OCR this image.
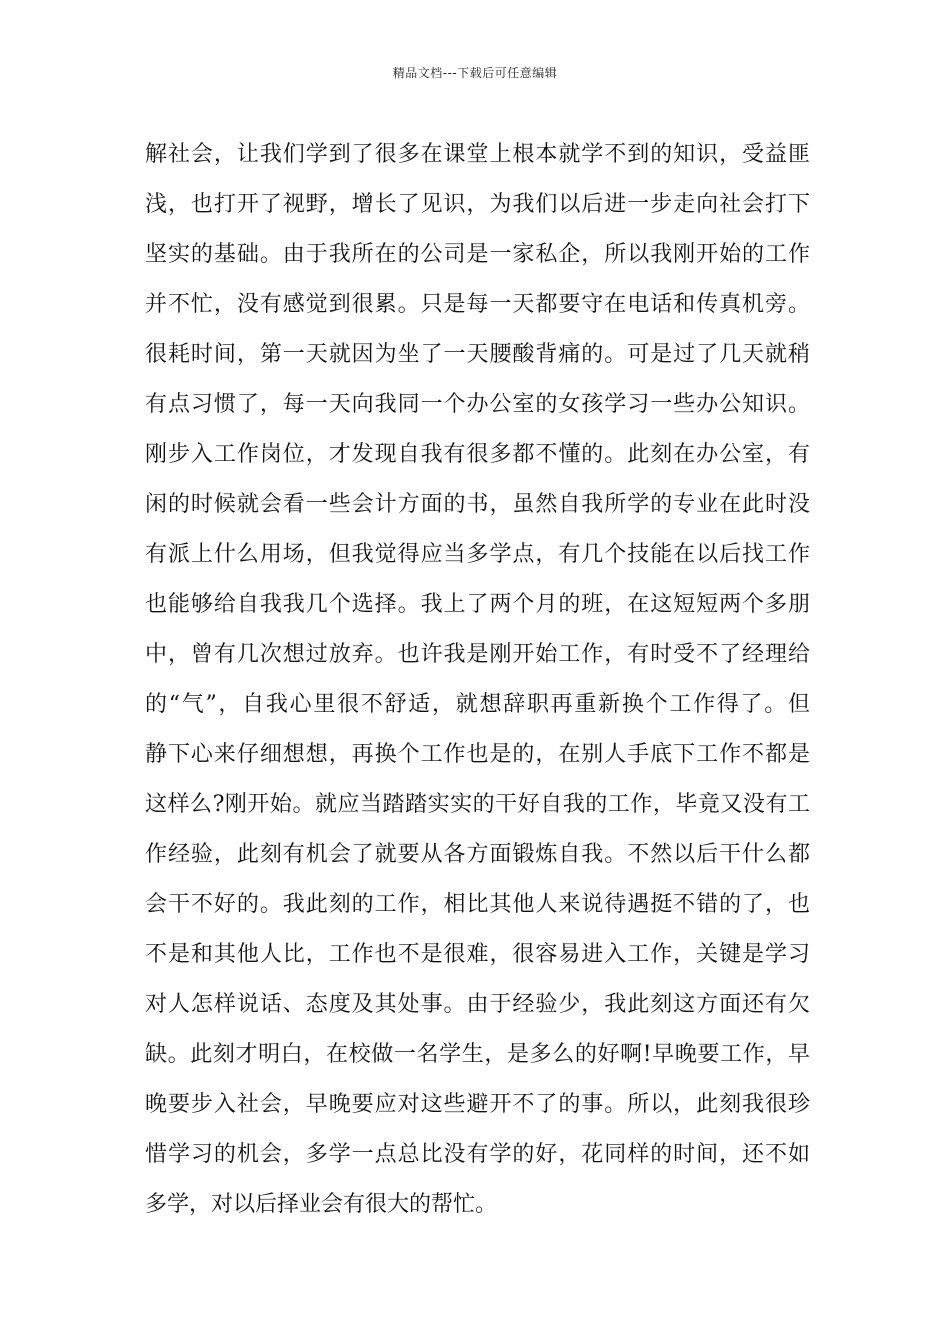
精品文档---下载后可任意编辑
解社会，让我们学到了很多在课堂上根本就学不到的知识，受益匪
浅，也打开了视野，增长了见识，为我们以后进一步走向社会打下
坚实的基础。由于我所在的公司是一家私企，所以我刚开始的工作
并不忙，没有感觉到很累。只是每一天都要守在电话和传真机旁。
很耗时间，第一天就因为坐了一天腰酸背痛的。可是过了几天就稍
有点习惯了，每一天向我同一个办公室的女孩学习一些办公知识。
刚步入工作岗位，才发现自我有很多都不懂的。此刻在办公室，有
闲的时候就会看一些会计方面的书，虽然自我所学的专业在此时没
有派上什么用场，但我觉得应当多学点，有几个技能在以后找工作
也能够给自我我几个选择。我上了两个月的班，在这短短两个多朋
中，曾有几次想过放弃。也许我是刚开始工作，有时受不了经理给
的“气”，自我心里很不舒适，就想辞职再重新换个工作得了。但
静下心来仔细想想，再换个工作也是的，在别人手底下工作不都是
这样么?刚开始。就应当踏踏实实的干好自我的工作，毕竟又没有工
作经验，此刻有机会了就要从各方面锻炼自我。不然以后干什么都
会干不好的。我此刻的工作，相比其他人来说待遇挺不错的了，也
不是和其他人比，工作也不是很难，很容易进入工作，关键是学习
对人怎样说话、态度及其处事。由于经验少，我此刻这方面还有欠
缺。此刻才明白，在校做一名学生，是多么的好啊!早晚要工作，早
晚要步入社会，早晚要应对这些避开不了的事。所以，此刻我很珍
惜学习的机会，多学一点总比没有学的好，花同样的时间，还不如
多学，对以后择业会有很大的帮忙。
